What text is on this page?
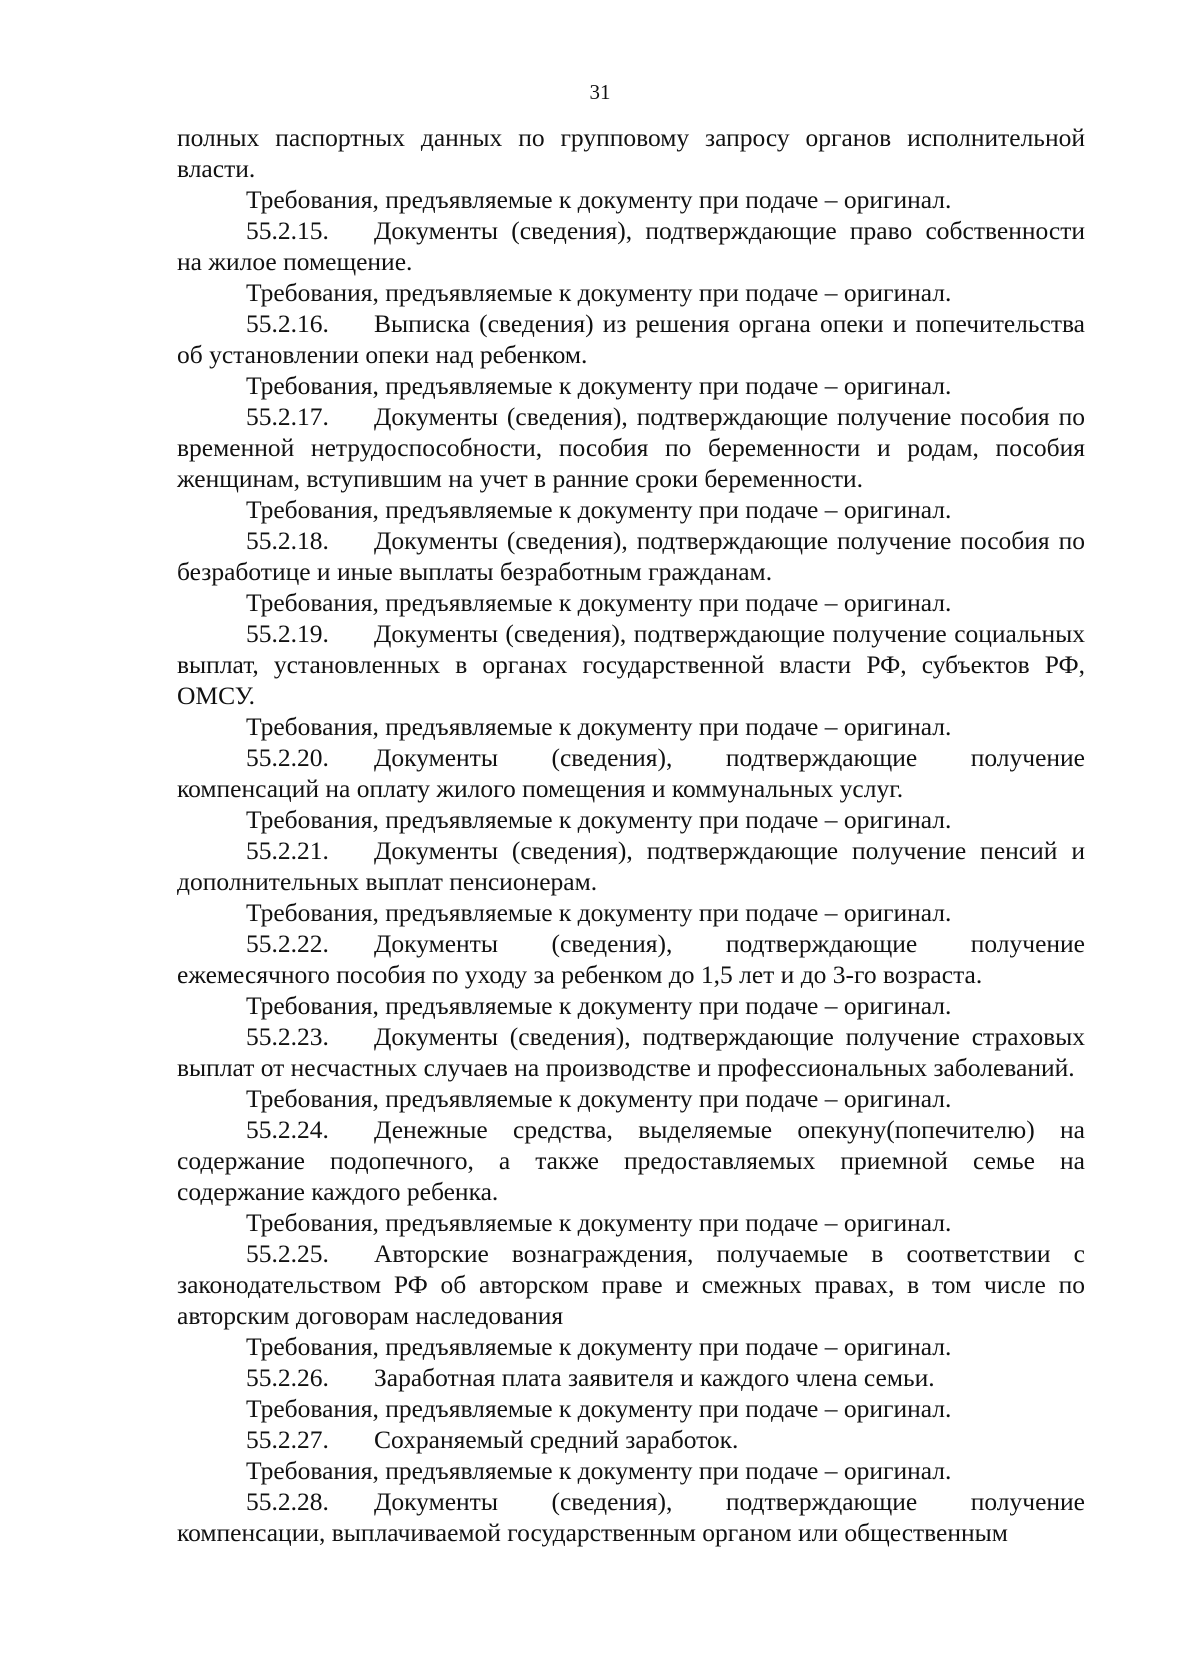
31

полных паспортных данных по групповому запросу органов исполнительной власти.

Требования, предъявляемые к документу при подаче – оригинал.

55.2.15. Документы (сведения), подтверждающие право собственности на жилое помещение.

Требования, предъявляемые к документу при подаче – оригинал.

55.2.16. Выписка (сведения) из решения органа опеки и попечительства об установлении опеки над ребенком.

Требования, предъявляемые к документу при подаче – оригинал.

55.2.17. Документы (сведения), подтверждающие получение пособия по временной нетрудоспособности, пособия по беременности и родам, пособия женщинам, вступившим на учет в ранние сроки беременности.

Требования, предъявляемые к документу при подаче – оригинал.

55.2.18. Документы (сведения), подтверждающие получение пособия по безработице и иные выплаты безработным гражданам.

Требования, предъявляемые к документу при подаче – оригинал.

55.2.19. Документы (сведения), подтверждающие получение социальных выплат, установленных в органах государственной власти РФ, субъектов РФ, ОМСУ.

Требования, предъявляемые к документу при подаче – оригинал.

55.2.20. Документы (сведения), подтверждающие получение компенсаций на оплату жилого помещения и коммунальных услуг.

Требования, предъявляемые к документу при подаче – оригинал.

55.2.21. Документы (сведения), подтверждающие получение пенсий и дополнительных выплат пенсионерам.

Требования, предъявляемые к документу при подаче – оригинал.

55.2.22. Документы (сведения), подтверждающие получение ежемесячного пособия по уходу за ребенком до 1,5 лет и до 3-го возраста.

Требования, предъявляемые к документу при подаче – оригинал.

55.2.23. Документы (сведения), подтверждающие получение страховых выплат от несчастных случаев на производстве и профессиональных заболеваний.

Требования, предъявляемые к документу при подаче – оригинал.

55.2.24. Денежные средства, выделяемые опекуну(попечителю) на содержание подопечного, а также предоставляемых приемной семье на содержание каждого ребенка.

Требования, предъявляемые к документу при подаче – оригинал.

55.2.25. Авторские вознаграждения, получаемые в соответствии с законодательством РФ об авторском праве и смежных правах, в том числе по авторским договорам наследования

Требования, предъявляемые к документу при подаче – оригинал.

55.2.26. Заработная плата заявителя и каждого члена семьи.

Требования, предъявляемые к документу при подаче – оригинал.

55.2.27. Сохраняемый средний заработок.

Требования, предъявляемые к документу при подаче – оригинал.

55.2.28. Документы (сведения), подтверждающие получение компенсации, выплачиваемой государственным органом или общественным
